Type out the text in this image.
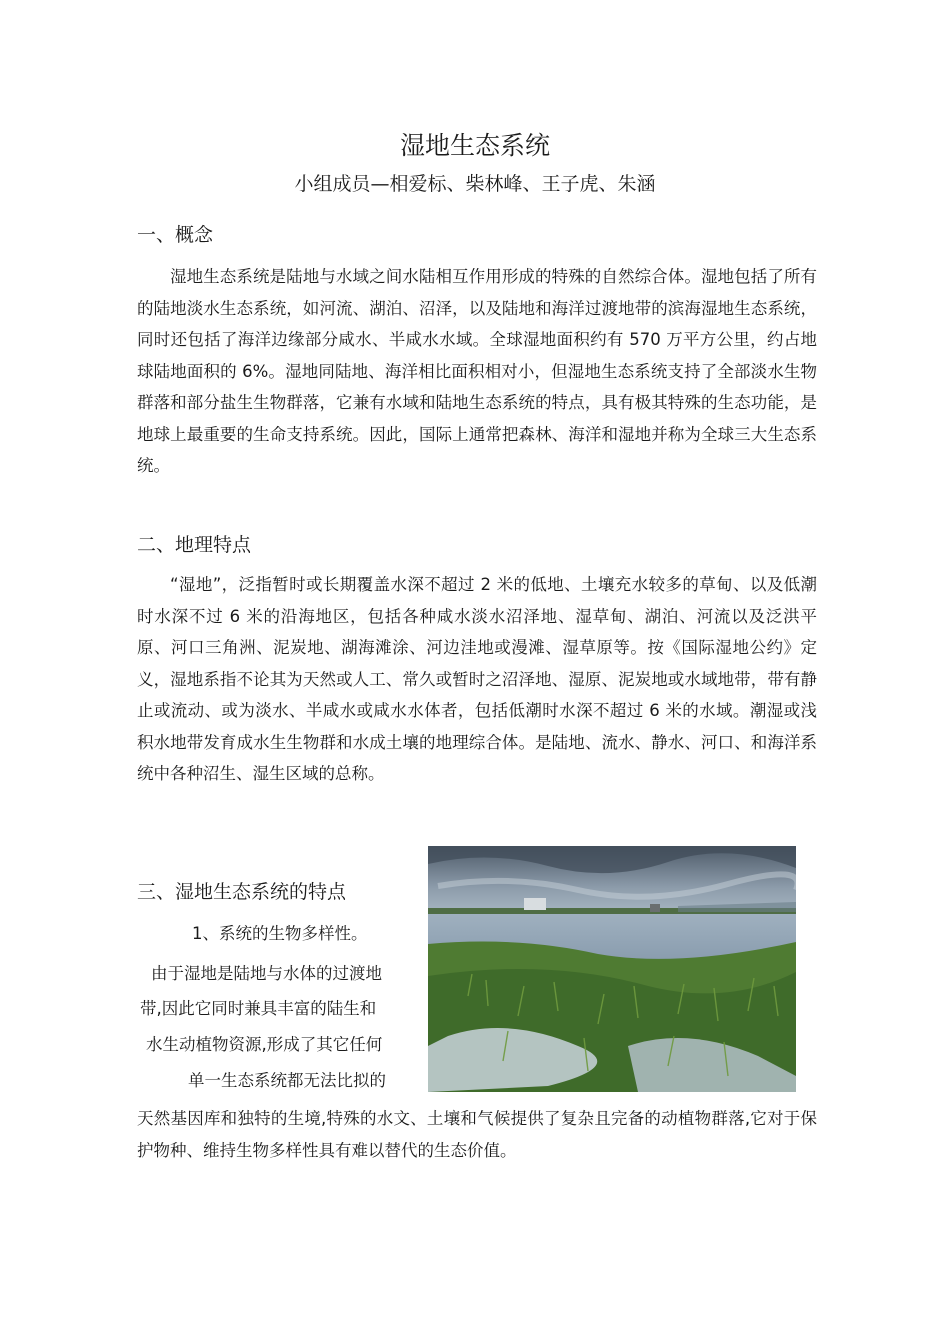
湿地生态系统
小组成员—相爱标、柴林峰、王子虎、朱涵
一、概念

湿地生态系统是陆地与水域之间水陆相互作用形成的特殊的自然综合体。湿地包括了所有的陆地淡水生态系统，如河流、湖泊、沼泽，以及陆地和海洋过渡地带的滨海湿地生态系统，同时还包括了海洋边缘部分咸水、半咸水水域。全球湿地面积约有 570 万平方公里，约占地球陆地面积的 6%。湿地同陆地、海洋相比面积相对小，但湿地生态系统支持了全部淡水生物群落和部分盐生生物群落，它兼有水域和陆地生态系统的特点，具有极其特殊的生态功能，是地球上最重要的生命支持系统。因此，国际上通常把森林、海洋和湿地并称为全球三大生态系统。

二、地理特点

“湿地”，泛指暂时或长期覆盖水深不超过 2 米的低地、土壤充水较多的草甸、以及低潮时水深不过 6 米的沿海地区，包括各种咸水淡水沼泽地、湿草甸、湖泊、河流以及泛洪平原、河口三角洲、泥炭地、湖海滩涂、河边洼地或漫滩、湿草原等。按《国际湿地公约》定义，湿地系指不论其为天然或人工、常久或暂时之沼泽地、湿原、泥炭地或水域地带，带有静止或流动、或为淡水、半咸水或咸水水体者，包括低潮时水深不超过 6 米的水域。潮湿或浅积水地带发育成水生生物群和水成土壤的地理综合体。是陆地、流水、静水、河口、和海洋系统中各种沼生、湿生区域的总称。

三、湿地生态系统的特点
1、系统的生物多样性。
由于湿地是陆地与水体的过渡地
带,因此它同时兼具丰富的陆生和
水生动植物资源,形成了其它任何
单一生态系统都无法比拟的

天然基因库和独特的生境,特殊的水文、土壤和气候提供了复杂且完备的动植物群落,它对于保护物种、维持生物多样性具有难以替代的生态价值。
